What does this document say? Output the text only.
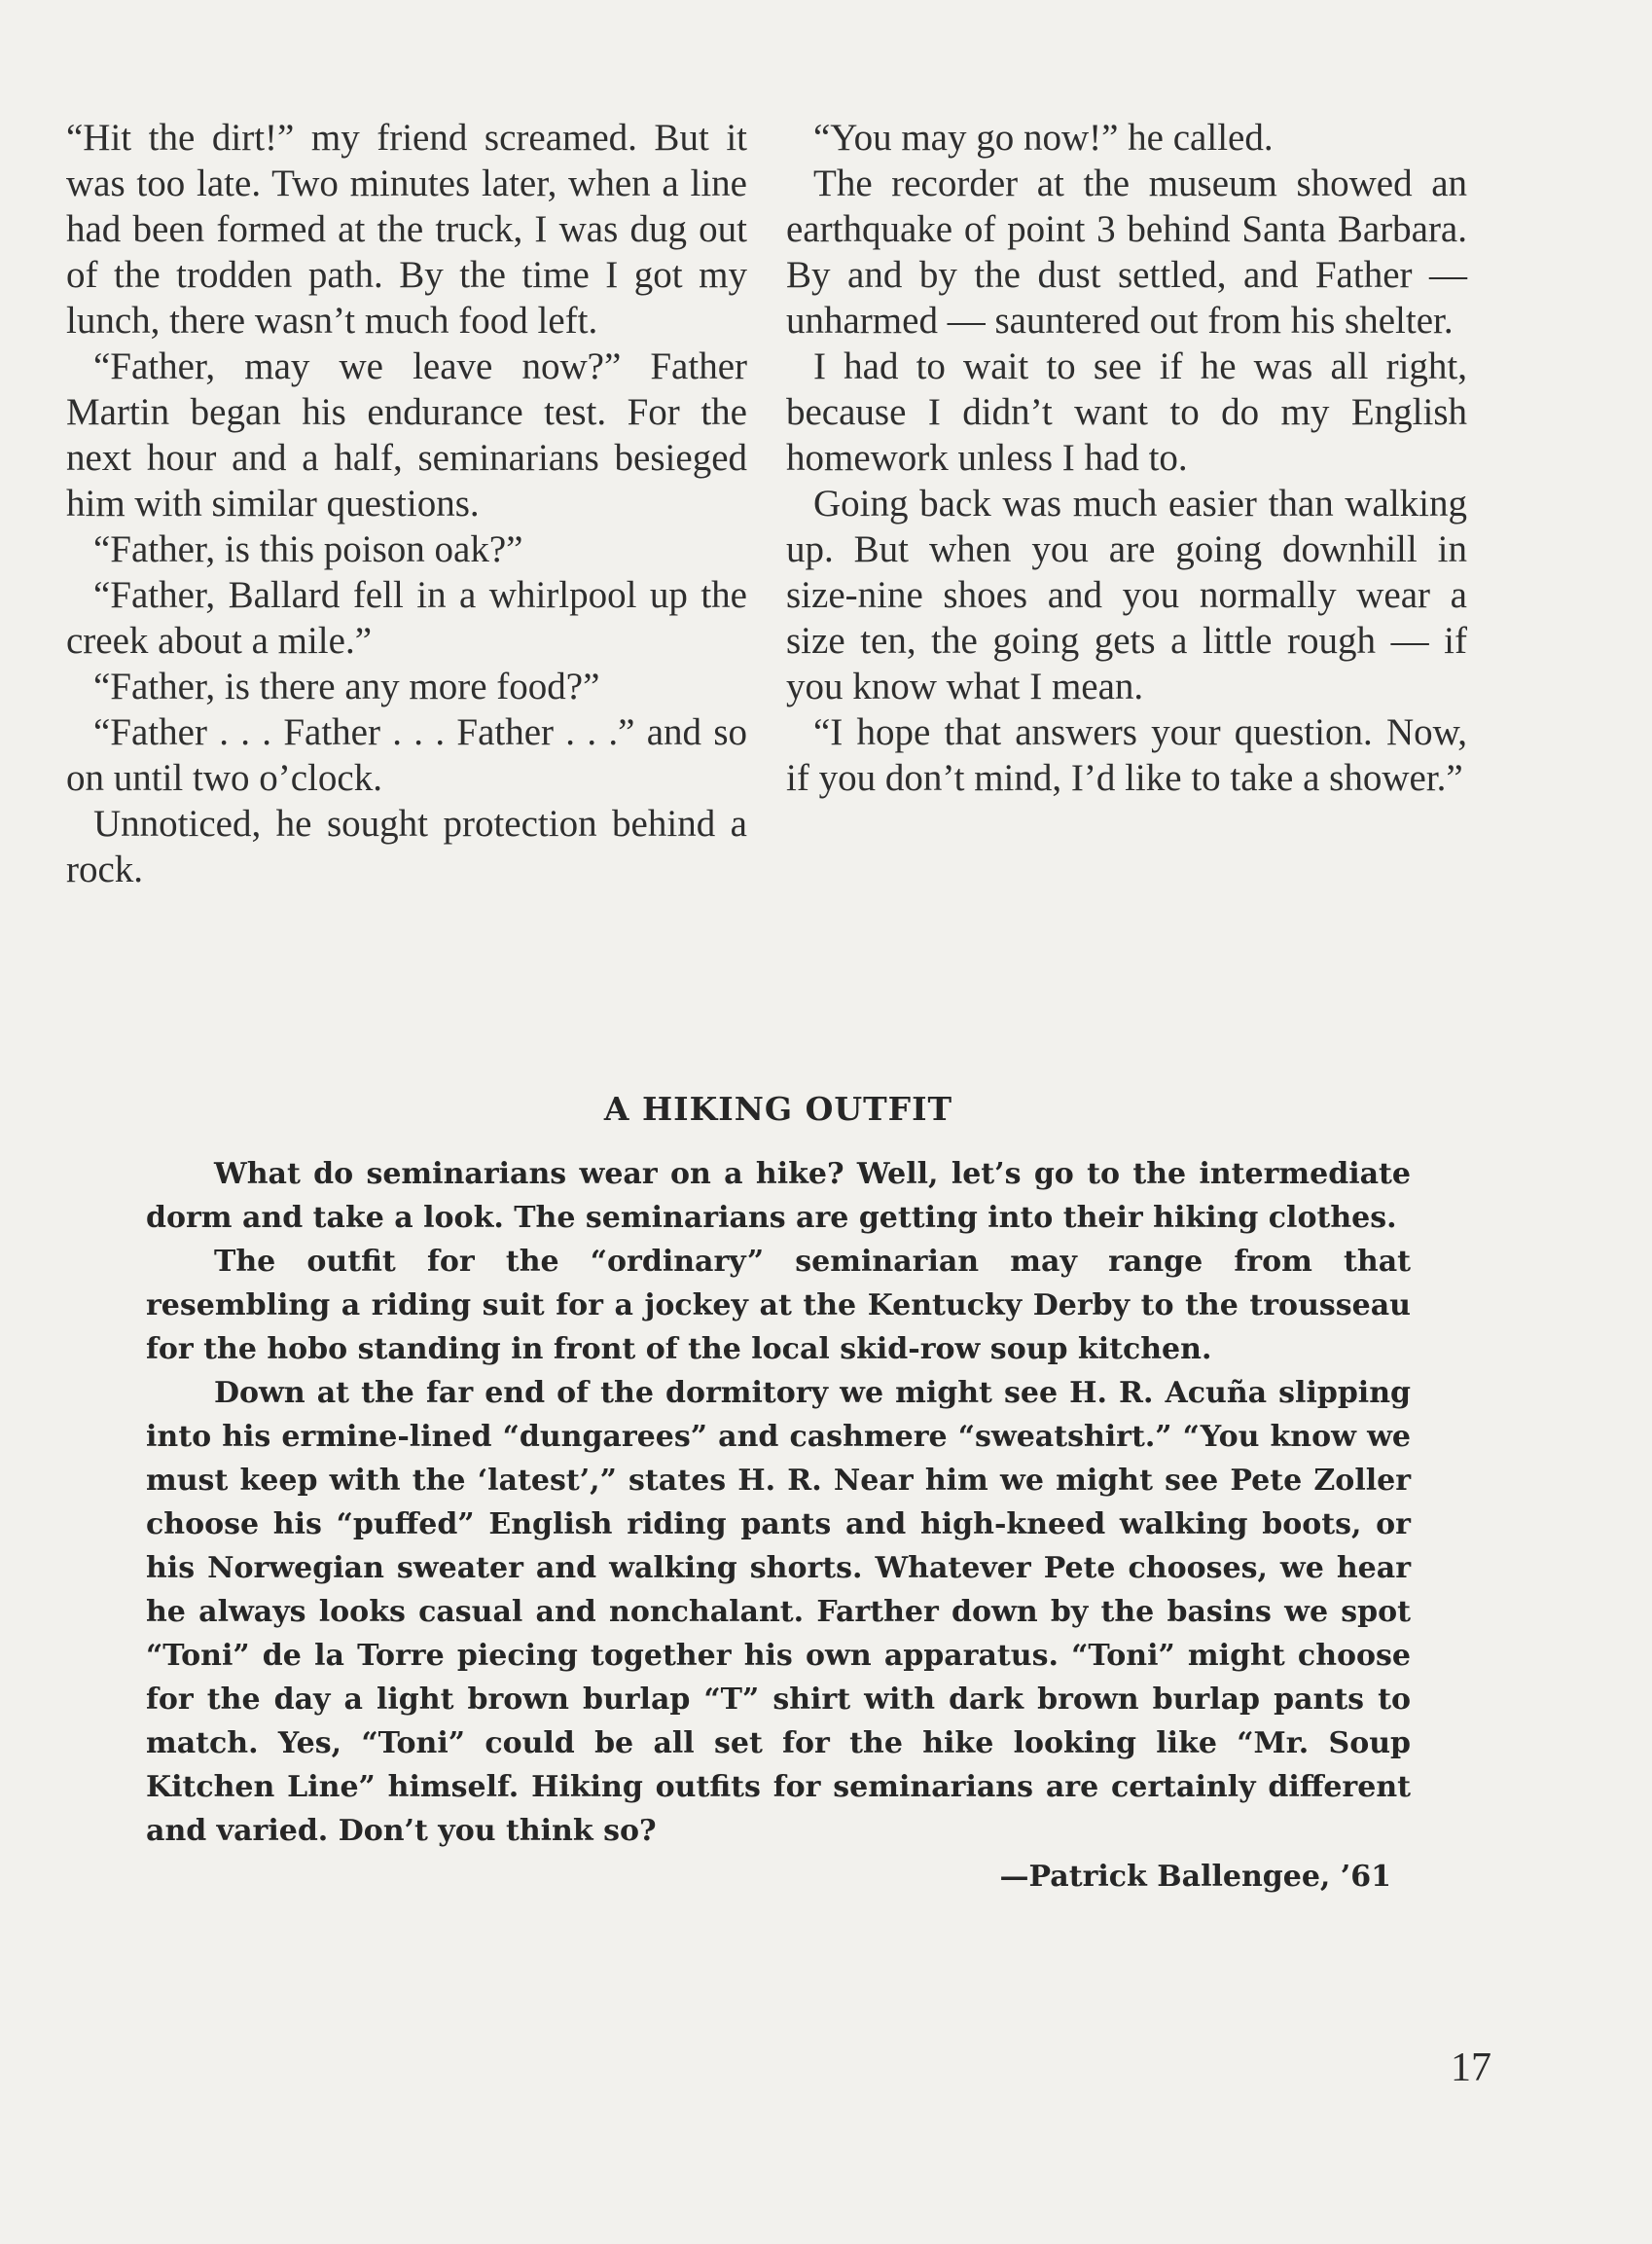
“Hit the dirt!” my friend screamed. But it was too late. Two minutes later, when a line had been formed at the truck, I was dug out of the trodden path. By the time I got my lunch, there wasn’t much food left.

“Father, may we leave now?” Father Martin began his endurance test. For the next hour and a half, seminarians besieged him with similar questions.

“Father, is this poison oak?”

“Father, Ballard fell in a whirlpool up the creek about a mile.”

“Father, is there any more food?”

“Father . . . Father . . . Father . . .” and so on until two o’clock.

Unnoticed, he sought protection behind a rock.

“You may go now!” he called.

The recorder at the museum showed an earthquake of point 3 behind Santa Barbara. By and by the dust settled, and Father — unharmed — sauntered out from his shelter.

I had to wait to see if he was all right, because I didn’t want to do my English homework unless I had to.

Going back was much easier than walking up. But when you are going downhill in size-nine shoes and you normally wear a size ten, the going gets a little rough — if you know what I mean.

“I hope that answers your question. Now, if you don’t mind, I’d like to take a shower.”

A HIKING OUTFIT

What do seminarians wear on a hike? Well, let’s go to the intermediate dorm and take a look. The seminarians are getting into their hiking clothes.

The outfit for the “ordinary” seminarian may range from that resembling a riding suit for a jockey at the Kentucky Derby to the trousseau for the hobo standing in front of the local skid-row soup kitchen.

Down at the far end of the dormitory we might see H. R. Acuña slipping into his ermine-lined “dungarees” and cashmere “sweatshirt.” “You know we must keep with the ‘latest’,” states H. R. Near him we might see Pete Zoller choose his “puffed” English riding pants and high-kneed walking boots, or his Norwegian sweater and walking shorts. Whatever Pete chooses, we hear he always looks casual and nonchalant. Farther down by the basins we spot “Toni” de la Torre piecing together his own apparatus. “Toni” might choose for the day a light brown burlap “T” shirt with dark brown burlap pants to match. Yes, “Toni” could be all set for the hike looking like “Mr. Soup Kitchen Line” himself. Hiking outfits for seminarians are certainly different and varied. Don’t you think so?

—Patrick Ballengee, ’61
17
